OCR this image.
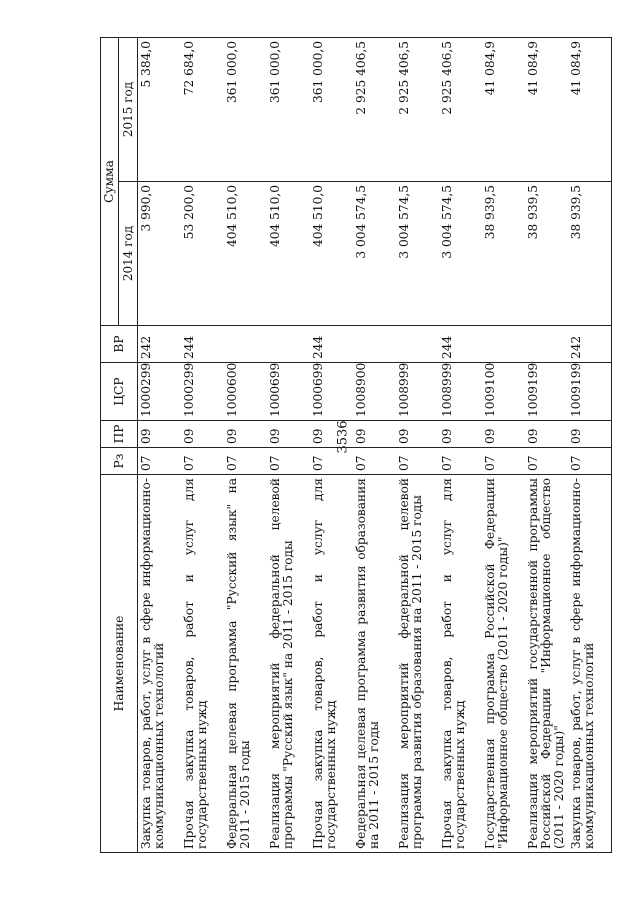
3536
Наименование	Рз	ПР	ЦСР	ВР	Сумма	
					2014 год	2015 год
Закупка товаров, работ, услуг в сфере информационно-коммуникационных технологий	07	09	1000299	242	3 990,0	5 384,0
Прочая закупка товаров, работ и услуг для государственных нужд	07	09	1000299	244	53 200,0	72 684,0
Федеральная целевая программа "Русский язык" на 2011 - 2015 годы	07	09	1000600		404 510,0	361 000,0
Реализация мероприятий федеральной целевой программы "Русский язык" на 2011 - 2015 годы	07	09	1000699		404 510,0	361 000,0
Прочая закупка товаров, работ и услуг для государственных нужд	07	09	1000699	244	404 510,0	361 000,0
Федеральная целевая программа развития образования на 2011 - 2015 годы	07	09	1008900		3 004 574,5	2 925 406,5
Реализация мероприятий федеральной целевой программы развития образования на 2011 - 2015 годы	07	09	1008999		3 004 574,5	2 925 406,5
Прочая закупка товаров, работ и услуг для государственных нужд	07	09	1008999	244	3 004 574,5	2 925 406,5
Государственная программа Российской Федерации "Информационное общество (2011 - 2020 годы)"	07	09	1009100		38 939,5	41 084,9
Реализация мероприятий государственной программы Российской Федерации "Информационное общество (2011 - 2020 годы)"	07	09	1009199		38 939,5	41 084,9
Закупка товаров, работ, услуг в сфере информационно-коммуникационных технологий	07	09	1009199	242	38 939,5	41 084,9
